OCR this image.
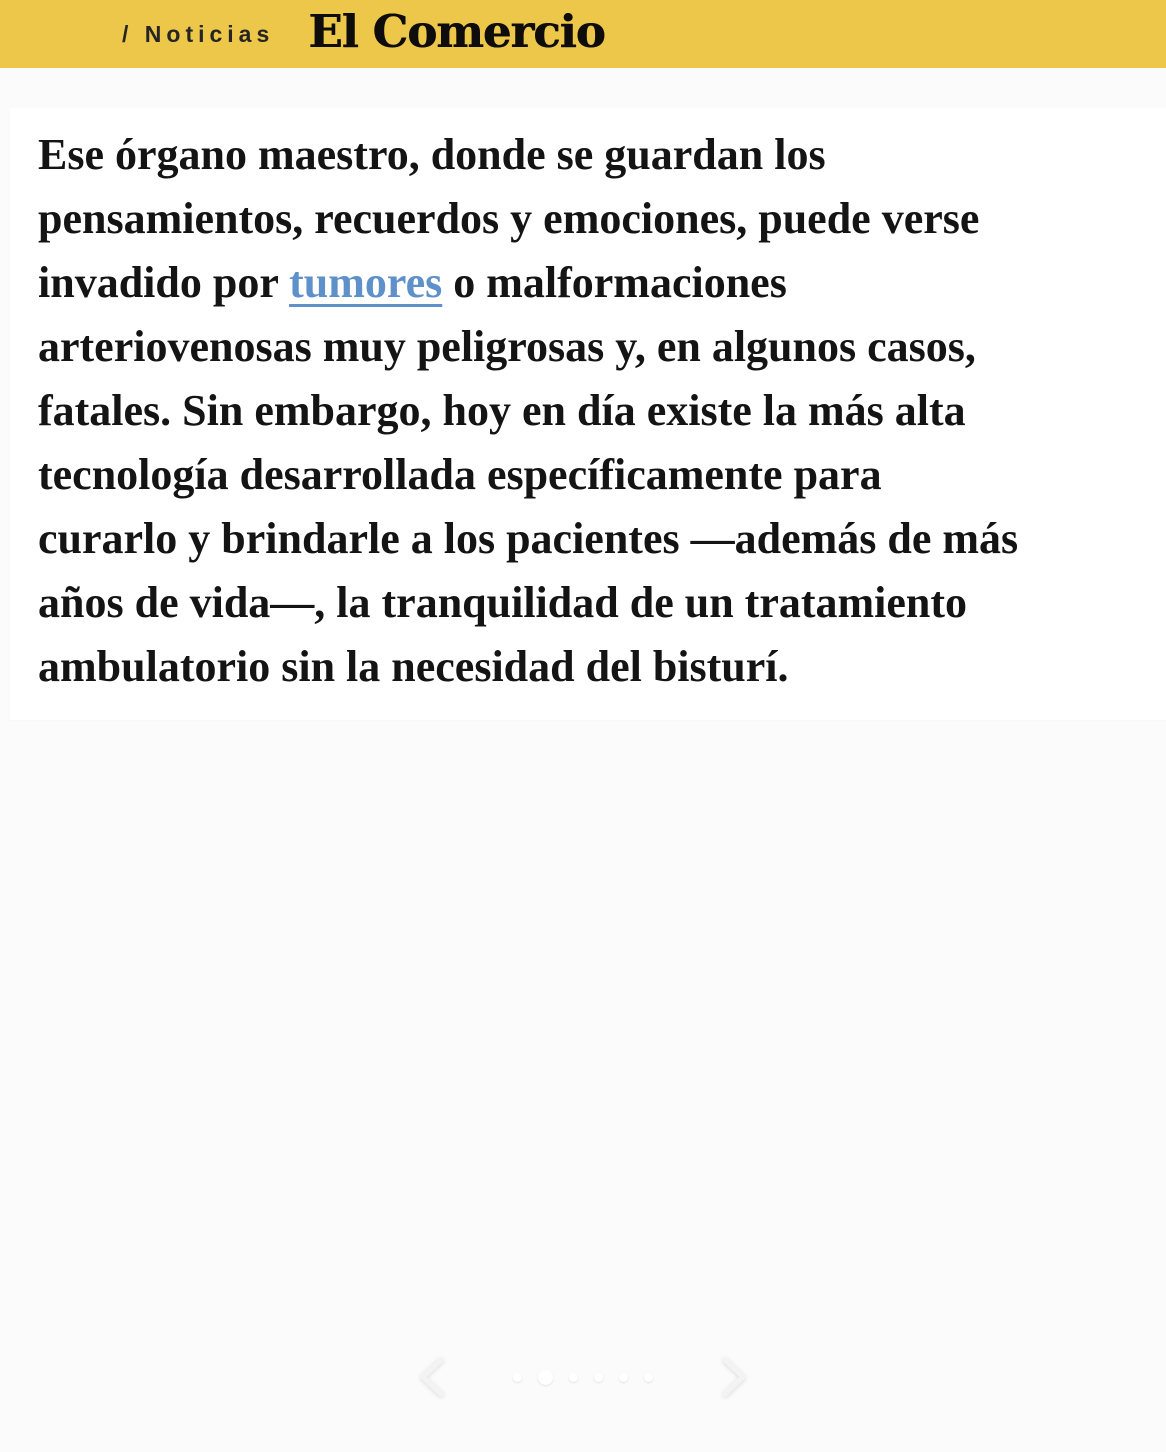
/ Noticias El Comercio
Ese órgano maestro, donde se guardan los
pensamientos, recuerdos y emociones, puede verse
invadido por tumores o malformaciones
arteriovenosas muy peligrosas y, en algunos casos,
fatales. Sin embargo, hoy en día existe la más alta
tecnología desarrollada específicamente para
curarlo y brindarle a los pacientes —además de más
años de vida—, la tranquilidad de un tratamiento
ambulatorio sin la necesidad del bisturí.
